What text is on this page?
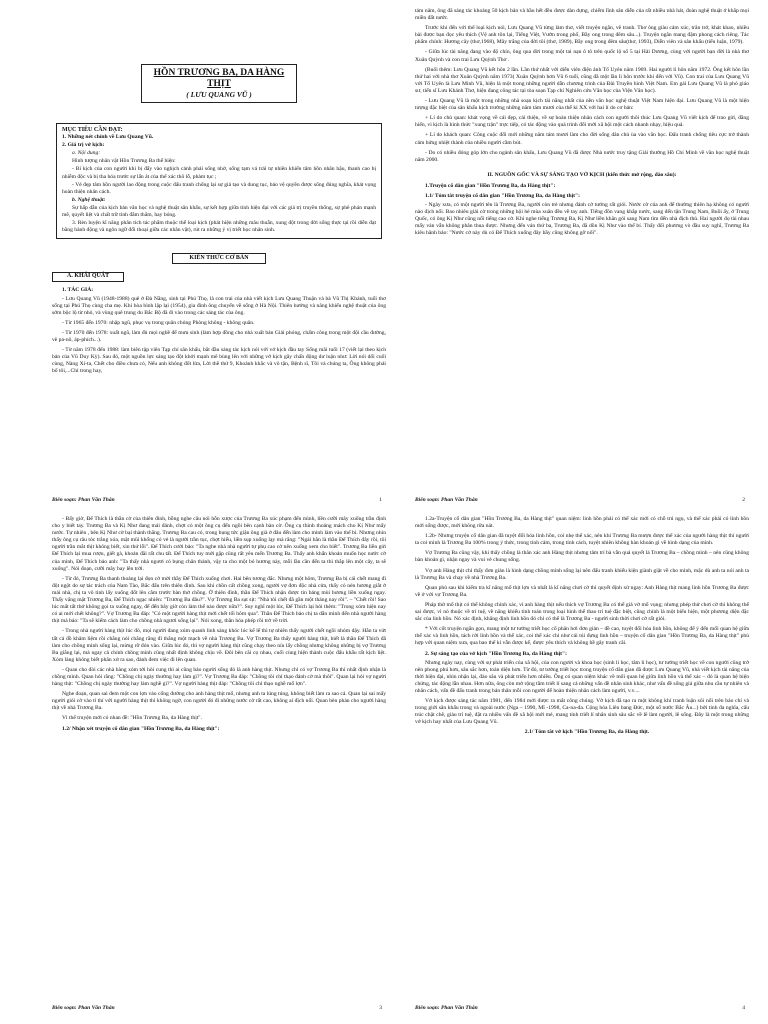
HỒN TRƯƠNG BA, DA HÀNG THỊT
( LƯU QUANG VŨ )
MỤC TIÊU CẦN ĐẠT:

1. Những nét chính về Lưu Quang Vũ.

2. Giá trị vở kịch:

a. Nội dung:

Hình tượng nhân vật Hồn Trương Ba thể hiện:

- Bi kịch của con người khi bị đẩy vào nghịch cảnh phải sống nhờ, sống tạm vá trái tự nhiên khiến tâm hồn nhân hậu, thanh cao bị nhiễm độc và bị tha hóa trước sự lấn át của thể xác thô lỗ, phàm tục ;

- Vẻ đẹp tâm hồn người lao động trong cuộc đấu tranh chống lại sự giả tạo và dung tục, bảo vệ quyền được sống đúng nghĩa, khát vọng hoàn thiện nhân cách.

b. Nghệ thuật:

Sự hấp dẫn của kịch bản văn học và nghệ thuật sân khấu, sự kết hợp giữa tính hiện đại với các giá trị truyền thống, sự phê phán mạnh mẽ, quyết liệt và chất trữ tình đằm thắm, hay bóng.

3. Rèn luyện kĩ năng phân tích tác phẩm thuộc thể loại kịch (phát hiện những mâu thuẫn, xung đột trong đời sống thực tại rồi diễn đạt bằng hành động và ngôn ngữ đối thoại giữa các nhân vật), rút ra những ý vị triết học nhân sinh.

KIẾN THỨC CƠ BẢN
A. KHÁI QUÁT

1. TÁC GIẢ:

- Lưu Quang Vũ (1948-1988) quê ở Đà Nẵng, sinh tại Phú Thọ, là con trai của nhà viết kịch Lưu Quang Thuận và bà Vũ Thị Khánh, tuổi thơ sống tại Phú Thọ cùng cha mẹ. Khi hòa bình lập lại (1954), gia đình ông chuyển về sống ở Hà Nội. Thiên hướng và năng khiếu nghệ thuật của ông sớm bộc lộ từ nhỏ, và vùng quê trung du Bắc Bộ đã đi vào trong các sáng tác của ông.

- Từ 1965 đến 1970: nhập ngũ, phục vụ trong quân chủng Phòng không - không quân.

- Từ 1970 đến 1978: xuất ngũ, làm đủ mọi nghề để mưu sinh (làm hợp đồng cho nhà xuất bản Giải phóng, chấm công trong một đội cầu đường, vẽ pa-nô, áp-phích...).

- Từ năm 1978 đến 1988: làm biên tập viên Tạp chí sân khấu, bắt đầu sáng tác kịch nói với vở kịch đầu tay Sống mãi tuổi 17 (viết lại theo kịch bản của Vũ Duy Kỳ). Sau đó, một nguồn lực sáng tạo đột khởi mạnh mẽ bùng lên với những vở kịch gây chấn động dư luận như: Lời nói dối cuối cùng, Nàng Xi-ta, Chết cho điều chưa có, Nếu anh không đốt lửa, Lời thề thứ 9, Khoảnh khắc và vô tận, Bệnh sĩ, Tôi và chúng ta, Ông không phải bố tôi,...Chỉ trong hay,

Biên soạn: Phan Văn Thân	1

tám năm, ông đã sáng tác khoảng 50 kịch bản và hầu hết đều được dàn dựng, chiếm lĩnh sân diễn của rất nhiều nhà hát, đoàn nghệ thuật ở khắp mọi miền đất nước.

Trước khi đến với thể loại kịch nói, Lưu Quang Vũ từng làm thơ, viết truyện ngắn, vẽ tranh. Thơ ông giàu cảm xúc, trăn trở, khát khao, nhiều bài được bạn đọc yêu thích (Vệ anh tôn lại, Tiếng Việt, Vườn trong phố, Bầy ong trong đêm sâu...). Truyện ngắn mang đậm phong cách riêng. Tác phẩm chính: Hương cây (thơ,1968), Mây trắng của đời tôi (thơ, 1989), Bầy ong trong đêm sâu(thơ, 1993), Diễn viên và sân khấu (tiểu luận, 1979).

- Giữa lúc tài năng đang vào độ chín, ông qua đời trong một tai nạn ô tô trên quốc lộ số 5 tại Hải Dương, cùng với người bạn đời là nhà thơ Xuân Quỳnh và con trai Lưu Quỳnh Thơ .

(Buổi thêm: Lưu Quang Vũ kết hôn 2 lần. Lần thứ nhất với diễn viên điện ảnh Tố Uyên năm 1969. Hai người li hôn năm 1972. Ông kết hôn lần thứ hai với nhà thơ Xuân Quỳnh năm 1973( Xuân Quỳnh hơn Vũ 6 tuổi, cũng đã một lần li hôn trước khi đến với Vũ). Con trai của Lưu Quang Vũ với Tố Uyên là Lưu Minh Vũ, hiện là một trong những người dẫn chương trình của Đài Truyền hình Việt Nam. Em gái Lưu Quang Vũ là phó giáo sư, tiến sĩ Lưu Khánh Thơ, hiện đang công tác tại tòa soạn Tạp chí Nghiên cứu Văn học của Viện Văn học).

- Lưu Quang Vũ là một trong những nhà soạn kịch tài năng nhất của nền văn học nghệ thuật Việt Nam hiện đại. Lưu Quang Vũ là một hiện tượng đặc biệt của sân khấu kịch trường những năm tám mươi của thế kỉ XX với hai lí do cơ bản:

+ Lí do chủ quan: khát vọng về cái đẹp, cái thiện, về sự hoàn thiện nhân cách con người thôi thúc Lưu Quang Vũ viết kịch để trao gửi, đằng hiến, vì kịch là hình thức "xung trận" trực tiếp, có tác động vào quá trình đổi mới xã hội một cách nhanh nhạy, hiệu quả.

+ Lí do khách quan: Công cuộc đổi mới những năm tám mươi làm cho đời sống dân chủ ùa vào văn học. Đấu tranh chống tiêu cực trở thành cảm hứng nhiệt thành của nhiều người cầm bút.

- Do có nhiều đóng góp lớn cho ngành sân khấu, Lưu Quang Vũ đã được Nhà nước truy tặng Giải thưởng Hồ Chí Minh về văn học nghệ thuật năm 2000.

II. NGUỒN GỐC VÀ SỰ SÁNG TẠO VỞ KỊCH (kiến thức mở rộng, đào sâu):

1.Truyện cổ dân gian "Hồn Trương Ba, da Hàng thịt":

1.1/ Tóm tắt truyện cổ dân gian "Hồn Trương Ba, da Hàng thịt":

- Ngày xưa, có một người tên là Trương Ba, người còn trẻ nhưng đánh cờ tướng rất giỏi. Nước cờ của anh để thường thiên hạ không có người nào địch nổi. Bao nhiêu giải cờ trong những hội hè mùa xuân đều về tay anh. Tiếng đồn vang khắp nước, sang đến tận Trung Nam, Buồi ấy, ở Trung Quốc, có ông Kị Như cũng nổi tiếng cao cờ. Khi nghe tiếng Trương Ba, Kị Như liền khăn gói sang Nam tìm đến nhà địch thủ. Hai người đọ tài nhau mấy ván vẫn không phân thua được. Nhưng đến ván thứ ba, Trương Ba, đã dồn Kị Như vào thế bí. Thấy đối phương vò đầu suy nghĩ, Trương Ba kiêu hãnh bảo: "Nước cờ này dù có Đế Thích xuống đây bầy cũng không gỡ nổi".

Biên soạn: Phan Văn Thân	2

- Bấy giờ, Đế Thích là thần cờ của thiên đình, bỗng nghe câu nói hỗn xược của Trương Ba xúc phạm đến mình, liền cưỡi mây xuống trần định cho y biết tay. Trương Ba và Kị Như đang mải đánh, chợt có một ông cụ đến ngồi bên cạnh bàn cờ. Ông cụ thình thoảng mách cho Kị Như mấy nước. Tự nhiên , bên Kị Như cờ bại thành thắng. Trương Ba cau có, trong bụng tức giận ông già ở đâu đến làm cho mình làm vào thế bí. Nhưng nhìn thấy ông cụ râu tóc trắng xóa, mặt mũi khống có vẻ là người trần tục, chợt hiểu, liền sụp xuống lạy mà rằng: "Ngài hẳn là thần Đế Thích đây rồi, tôi người trần mắt thịt không biết, xin thứ lỗi". Đế Thích cười bảo: "Ta nghe nhà nhà người tự phụ cao cờ nên xuống xem cho biết". Trương Ba liền gửi Đế Thích lại mua rượu, giết gà, khoản đãi rất chu tất. Đế Thích tuy mới gặp cũng rất yêu mến Trương Ba. Thấy anh khẩn khoản muốn học nước cờ của mình, Đế Thích bảo anh: "Ta thấy nhà ngươi có bụng chân thành, vậy ta cho một bó hương này, mỗi lần cần đến ta thì thắp lên một cây, ta sẽ xuống". Nói đoạn, cưỡi mây bay lên trời.

- Từ đó, Trương Ba thanh thoảng lại đọn cờ mời thầy Đế Thích xuống chơi. Hai bên tương đắc. Nhưng một hôm, Trương Ba bị cái chết mang đi đột ngột do sự tác trách của Nam Tào, Bắc đẩu trên thiên đình. Sau khi chồn cất chồng xong, người vợ đơn độc nhà cửa, thấy có nén hương giắt ở mái nhà, chị ta vô tình lấy xuống đốt lên cắm trước bàn thờ chồng. Ở thiên đình, thần Đế Thích nhận được tin bảng mùi hương liền xuống ngay. Thấy vắng mặt Trương Ba, Đế Thích ngạc nhiên: "Trương Ba đâu?". Vợ Trương Ba sụt sịt: "Nhà tôi chết đã gần một tháng nay rồi". – "Chết rồi! Sao lúc mất tất thở không gọi ta xuống ngay, để đến bây giờ còn làm thế nào được nữa?". Suy nghĩ một lúc, Đế Thích lại hỏi thêm: "Trong xóm hiện nay có ai mới chết không?". Vợ Trương Ba đáp: "Có một người hàng thịt mới chết tối hôm qua". Thần Đế Thích bảo chị ta dẫn mình đến nhà người hàng thịt mà bảo: "Ta sẽ kiếm cách làm cho chồng nhà ngươi sống lại". Nói xong, thần hóa phép rồi trở về trời.

- Trong nhà người hàng thịt lúc đó, mọi người đang xúm quanh linh sàng khóc lóc kể lể thì tự nhiên thấy người chết ngồi nhóm dậy. Hắn ta vứt tất cả đồ khâm liệm rồi chẳng nói chẳng rằng đi thẳng một mạch về nhà Trương Ba. Vợ Trương Ba thấy người hàng thịt, biết là thần Đế Thích đã làm cho chồng mình sống lại, mừng rỡ đón vào. Giữa lúc đó, thì vợ người hàng thịt cũng chạy theo níu lấy chồng nhưng không những bị vợ Trương Ba giằng lại, mà ngay cả chính chồng mình cũng nhất định không chịu về. Đôi bên cãi cọ nhau, cuối cùng hiện thành cuộc đấu khẩu rất kịch liệt. Xóm làng không biết phân xử ra sao, đành đem việc đi lên quan.

- Quan cho đòi các nhà hàng xóm tới hỏi cung thì ai cũng bảo người sống đó là anh hàng thịt. Nhưng chỉ có vợ Trương Ba thì nhất định nhận là chồng mình. Quan hỏi rằng: "Chồng chị ngày thường hay làm gì?". Vợ Trương Ba đáp: "Chồng tôi chỉ thạo đánh cờ mà thôi". Quan lại hỏi vợ người hàng thịt: "Chồng chị ngày thường hay làm nghề gì?". Vợ người hàng thịt đáp: "Chồng tôi chỉ thạo nghề mổ lợn".

Nghe đoạn, quan sai đem một con lợn vào cống đường cho anh hàng thịt mổ, nhưng anh ta lúng túng, không biết làm ra sao cả. Quan lại sai mấy người giỏi cờ vào tỉ thí với người hàng thịt thì không ngờ, con người đó đi những nước cờ rất cao, không ai địch nổi. Quan bèn phán cho người hàng thịt về nhà Trương Ba.

Vì thế truyện mới có nhan đề: "Hồn Trương Ba, da Hàng thịt".

1.2/ Nhận xét truyện cổ dân gian "Hồn Trương Ba, da Hàng thịt":

Biên soạn: Phan Văn Thân	3

1.2a-Truyện cổ dân gian "Hồn Trương Ba, da Hàng thịt" quan niệm: linh hồn phải có thể xác mới có chỗ trú ngụ, và thể xác phải có linh hồn mới sống được, mới không rữa nát.

1.2b- Nhưng truyện cổ dân gian đã tuyệt đối hóa linh hồn, coi nhẹ thể xác, nên khi Trương Ba mượn được thể xác của người hàng thịt thì người ta coi mình là Trương Ba 100% trong ý thức, trong tình cảm, trong tính cách, tuyệt nhiên không hàn khoản gì về hình dạng của mình.

Vợ Trương Ba cũng vậy, khi thấy chồng là thân xác anh Hàng thịt nhưng tâm trí bà vẫn quả quyết là Trương Ba – chồng mình – nên cũng không bàn khoản gì, nhận ngay và vui vẻ chung sống.

Vợ anh Hàng thịt chỉ thấy đơn giản là hình dạng chồng mình sống lại nên đấu tranh khiếu kiện giành giật về cho mình, mặc dù anh ta nói anh ta là Trương Ba và chạy về nhà Trương Ba.

Quan phủ sau khi kiểm tra kĩ năng mổ thịt lợn và nhất là kĩ năng chơi cờ thì quyết định xử ngay: Anh Hàng thịt mang linh hồn Trương Ba được về ở với vợ Trương Ba.

Pháp thử mổ thịt có thể không chính xác, vì anh hàng thịt nếu thích vợ Trương Ba có thể giả vờ mổ vụng; nhưng phép thử chơi cờ thì không thể sai được, vì nó thuộc về trí tuệ, về năng khiếu tinh toán trong loại hình thể thao trí tuệ đặc biệt, cũng chính là một biểu hiện, một phương diện đặc sắc của linh hồn. Nó xác định, khẳng định linh hồn đó chỉ có thể là Trương Ba - người sinh thời chơi cờ rất giỏi.

* Với cốt truyện ngắn gọn, mang một tư tưởng triết học cổ phân hơi đơn giản – đề cao, tuyệt đối hóa linh hồn, không để ý đến mối quan hệ giữa thể xác và linh hồn, tách rời linh hồn và thể xác, coi thể xác chỉ như cái túi đựng linh hồn – truyện cổ dân gian "Hồn Trương Ba, da Hàng thịt" phù hợp với quan niệm xưa, qua bao thế kỉ vẫn được kể, được yêu thích và không hề gây tranh cãi.

2. Sự sáng tạo của vở kịch "Hồn Trương Ba, da Hàng thịt":

Nhưng ngày nay, cùng với sự phát triển của xã hội, của con người và khoa học (sinh lí học, tâm lí học), tư tưởng triết học về con người cũng trở nên phong phú hơn, sâu sắc hơn, toàn diện hơn. Từ đó, tư tưởng triết học trong truyện cổ dân gian đã được Lưu Quang Vũ, nhà viết kịch tài năng của thời hiện đại, nhìn nhận lại, đào sâu và phát triển hơn nhiều. Ông có quan niệm khác về mối quan hệ giữa linh hồn và thể xác – đó là quan hệ biện chứng, tác động lẫn nhau. Hơn nữa, ông còn mở rộng tầm triết lí sang cả những vấn đề nhân sinh khác, như vấn đề sống giả giữa nhu cầu tự nhiên và nhân cách, vấn đề đấu tranh trong bản thân mỗi con người để hoàn thiện nhân cách làm người, v.v....

Vở kịch được sáng tác năm 1981, đến 1984 mới được ra mắt công chúng. Vở kịch đã tạo ra một không khí tranh luận sôi nổi trên báo chí và trong giới sân khấu trong và ngoài nước (Nga – 1990, Mĩ -1998, Ca-na-đa. Cộng hòa Liên bang Đức, một số nước Bắc Âu...) bởi tính đa nghĩa, cấu trúc chặt chẽ, giàu trí tuệ, đặt ra nhiều vấn đề xã hội mới mẻ, mang tính triết lí nhân sinh sâu sắc về lẽ làm người, lẽ sống. Đây là một trong những vở kịch hay nhất của Lưu Quang Vũ.

2.1/ Tóm tắt vở kịch "Hồn Trương Ba, da Hàng thịt.

Biên soạn: Phan Văn Thân	4
